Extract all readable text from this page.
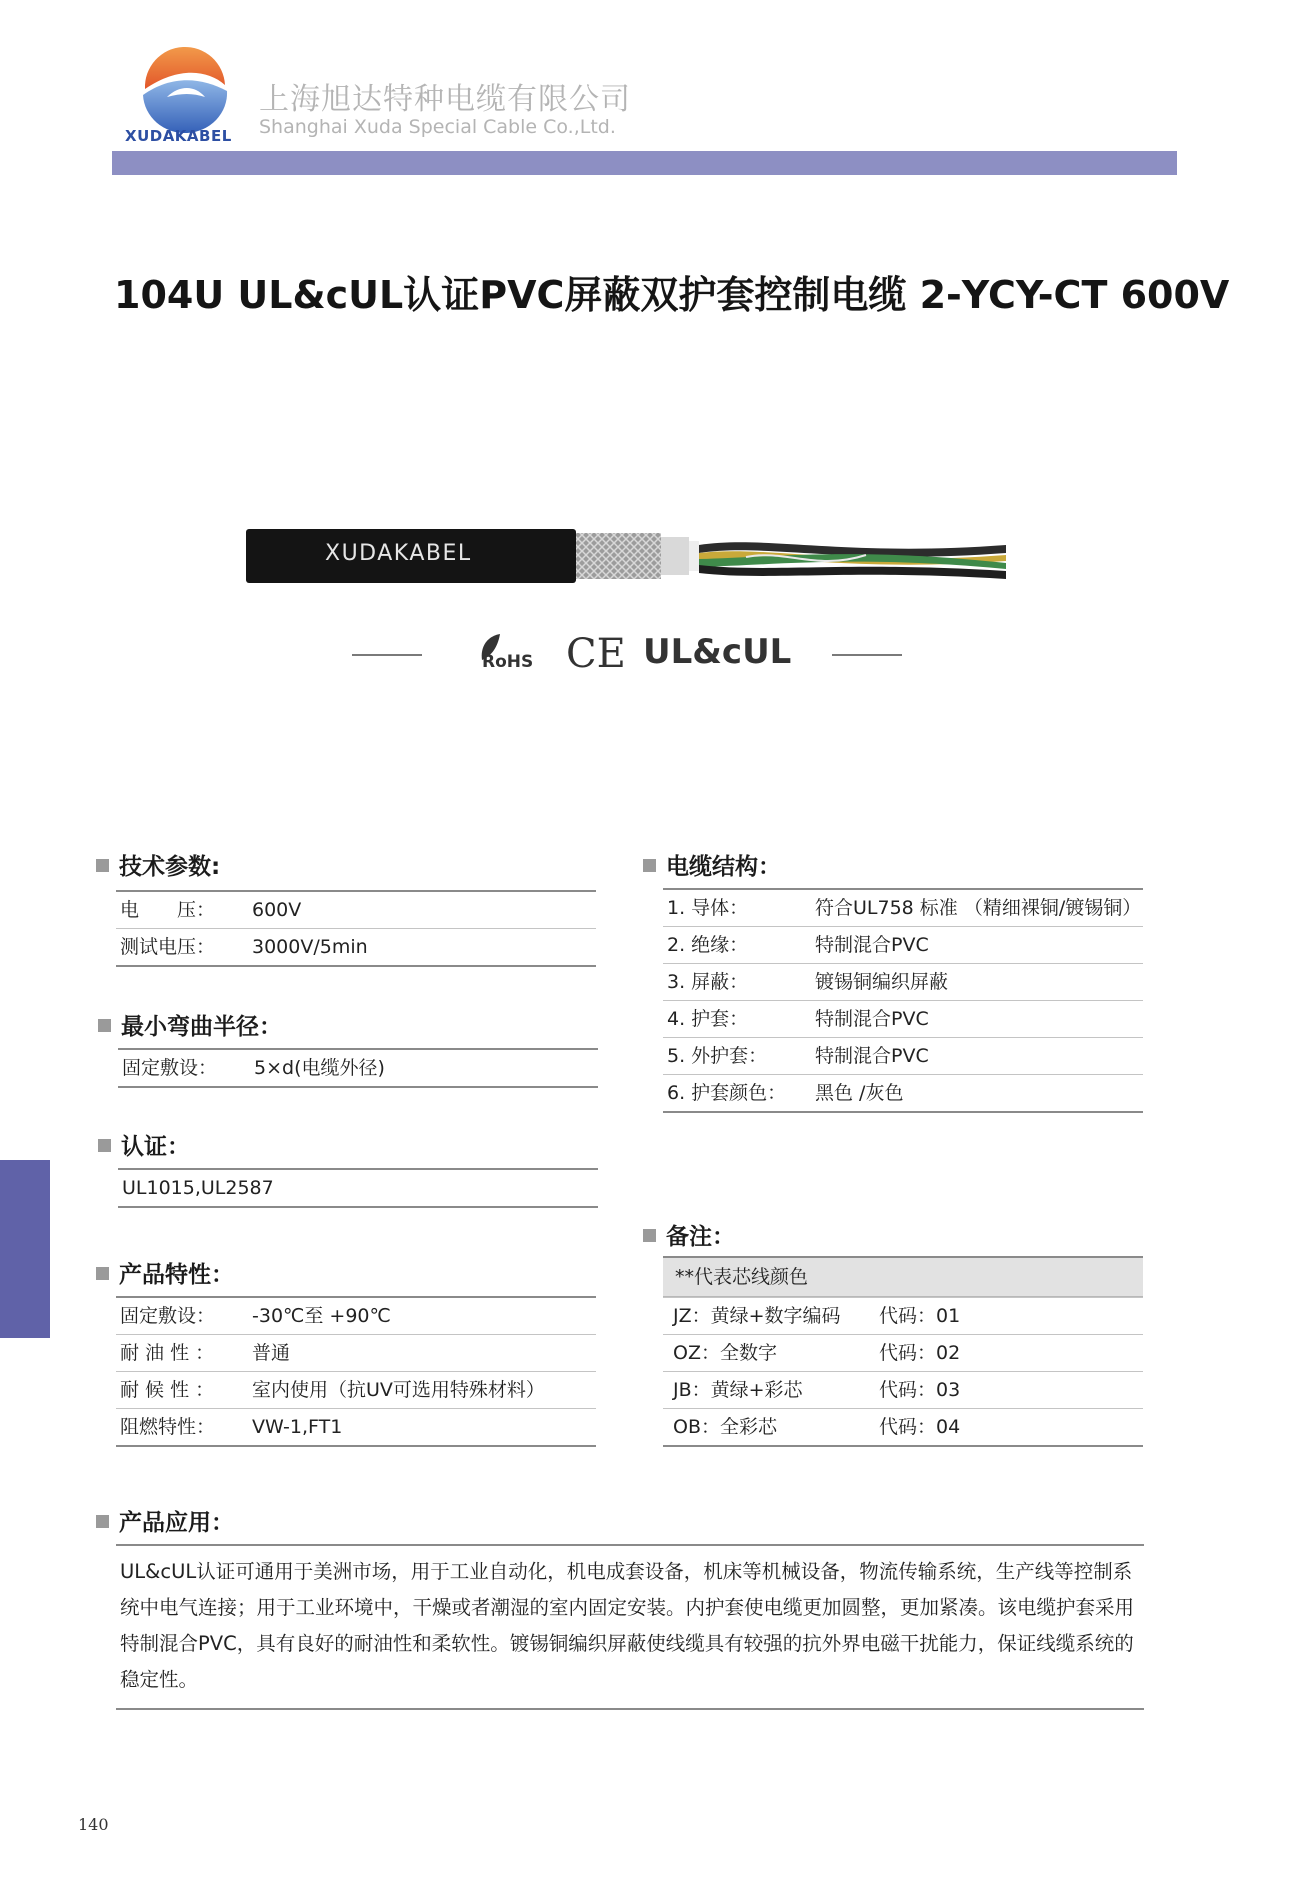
XUDAKABEL
上海旭达特种电缆有限公司
Shanghai Xuda Special Cable Co.,Ltd.
104U UL&cUL认证PVC屏蔽双护套控制电缆 2-YCY-CT 600V
XUDAKABEL
RoHS CE UL&cUL
技术参数:
电　　压： 600V
测试电压： 3000V/5min
最小弯曲半径：
固定敷设： 5×d(电缆外径)
认证：
UL1015,UL2587
产品特性：
固定敷设： -30℃至 +90℃
耐 油 性 ： 普通
耐 候 性 ： 室内使用（抗UV可选用特殊材料）
阻燃特性： VW-1,FT1
电缆结构：
1. 导体：	符合UL758 标准 （精细裸铜/镀锡铜）
2. 绝缘：	特制混合PVC
3. 屏蔽：	镀锡铜编织屏蔽
4. 护套：	特制混合PVC
5. 外护套：	特制混合PVC
6. 护套颜色： 黑色 /灰色
备注：
**代表芯线颜色
JZ：黄绿+数字编码 代码：01
OZ：全数字	代码：02
JB：黄绿+彩芯	代码：03
OB：全彩芯	代码：04
产品应用：
UL&cUL认证可通用于美洲市场，用于工业自动化，机电成套设备，机床等机械设备，物流传输系统，生产线等控制系统中电气连接；用于工业环境中，干燥或者潮湿的室内固定安装。内护套使电缆更加圆整，更加紧凑。该电缆护套采用特制混合PVC，具有良好的耐油性和柔软性。镀锡铜编织屏蔽使线缆具有较强的抗外界电磁干扰能力，保证线缆系统的稳定性。
140
